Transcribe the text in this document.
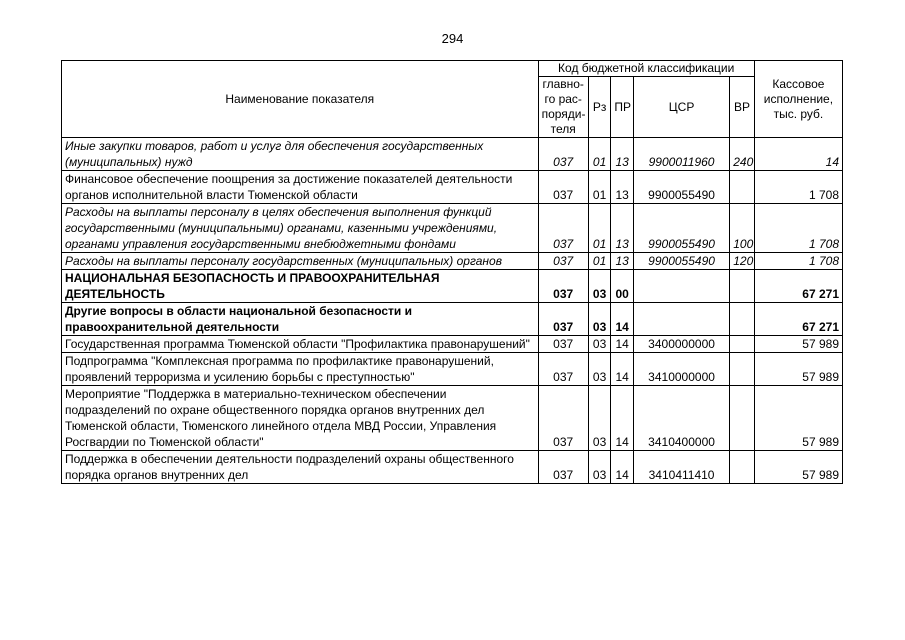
294
Наименование показателя	Код бюджетной классификации					Кассовое исполнение, тыс. руб.
	главно-го рас-поряди-теля	Рз	ПР	ЦСР	ВР	
Иные закупки товаров, работ и услуг для обеспечения государственных (муниципальных) нужд	037	01	13	9900011960	240	14
Финансовое обеспечение поощрения за достижение показателей деятельности органов исполнительной власти Тюменской области	037	01	13	9900055490		1 708
Расходы на выплаты персоналу в целях обеспечения выполнения функций государственными (муниципальными) органами, казенными учреждениями, органами управления государственными внебюджетными фондами	037	01	13	9900055490	100	1 708
Расходы на выплаты персоналу государственных (муниципальных) органов	037	01	13	9900055490	120	1 708
НАЦИОНАЛЬНАЯ БЕЗОПАСНОСТЬ И ПРАВООХРАНИТЕЛЬНАЯ ДЕЯТЕЛЬНОСТЬ	037	03	00			67 271
Другие вопросы в области национальной безопасности и правоохранительной деятельности	037	03	14			67 271
Государственная программа Тюменской области "Профилактика правонарушений"	037	03	14	3400000000		57 989
Подпрограмма "Комплексная программа по профилактике правонарушений, проявлений терроризма и усилению борьбы с преступностью"	037	03	14	3410000000		57 989
Мероприятие "Поддержка в материально-техническом обеспечении подразделений по охране общественного порядка органов внутренних дел Тюменской области, Тюменского линейного отдела МВД России, Управления Росгвардии по Тюменской области"	037	03	14	3410400000		57 989
Поддержка в обеспечении деятельности подразделений охраны общественного порядка органов внутренних дел	037	03	14	3410411410		57 989
